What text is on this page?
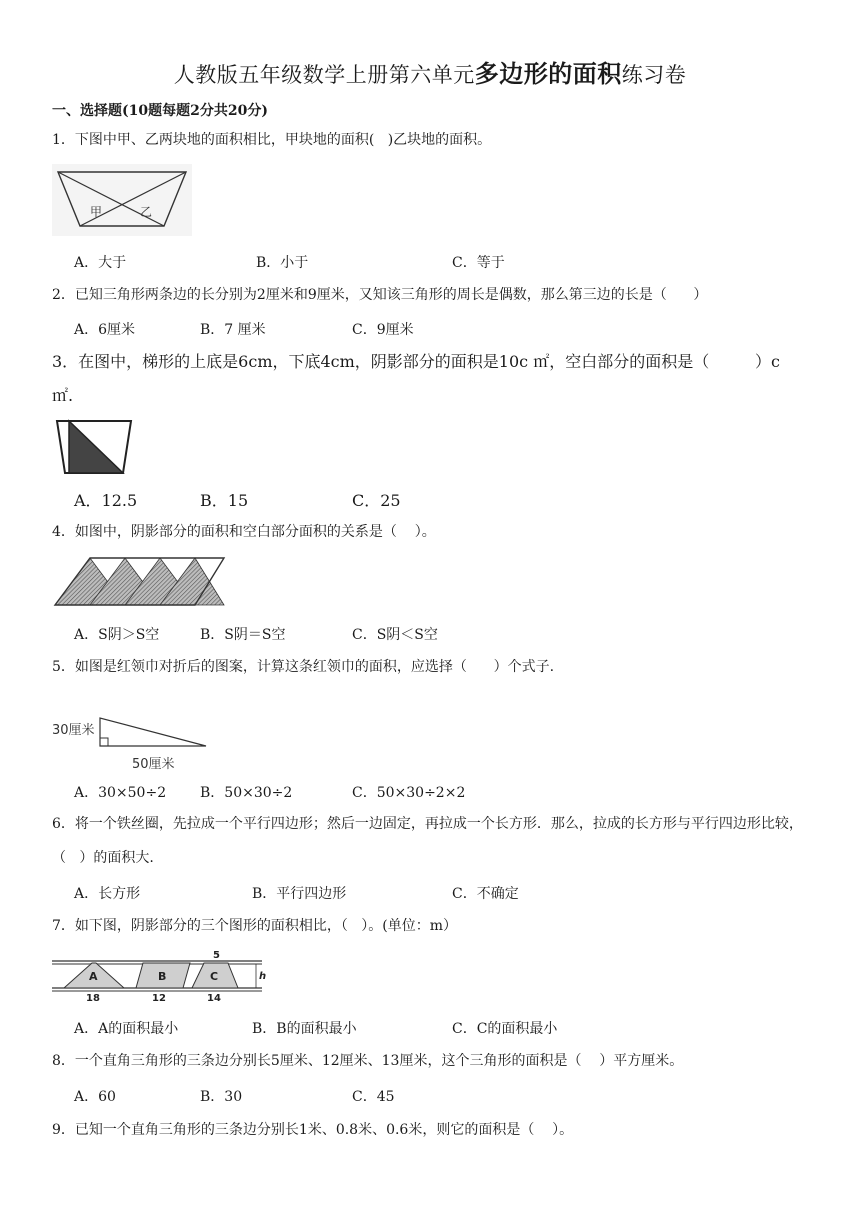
人教版五年级数学上册第六单元多边形的面积练习卷
一、选择题(10题每题2分共20分)
1．下图中甲、乙两块地的面积相比，甲块地的面积(   )乙块地的面积。
甲	乙
A．大于	B．小于	C．等于
2．已知三角形两条边的长分别为2厘米和9厘米，又知该三角形的周长是偶数，那么第三边的长是（      ）
A．6厘米	B．7 厘米	C．9厘米
3．在图中，梯形的上底是6cm，下底4cm，阴影部分的面积是10c ㎡，空白部分的面积是（         ）c ㎡.
A．12.5	B．15	C．25
4．如图中，阴影部分的面积和空白部分面积的关系是（    ）。
A．S阴＞S空	B．S阴＝S空	C．S阴＜S空
5．如图是红领巾对折后的图案，计算这条红领巾的面积，应选择（      ）个式子.
30厘米
50厘米
A．30×50÷2 B．50×30÷2	C．50×30÷2×2
6．将一个铁丝圈，先拉成一个平行四边形；然后一边固定，再拉成一个长方形．那么，拉成的长方形与平行四边形比较，（   ）的面积大.
A．长方形	B．平行四边形	C．不确定
7．如下图，阴影部分的三个图形的面积相比，（   ）。(单位：m）
A	B	C
5
h
18	12	14
A．A的面积最小	B．B的面积最小	C．C的面积最小
8．一个直角三角形的三条边分别长5厘米、12厘米、13厘米，这个三角形的面积是（    ）平方厘米。
A．60	B．30	C．45
9．已知一个直角三角形的三条边分别长1米、0.8米、0.6米，则它的面积是（    ）。
